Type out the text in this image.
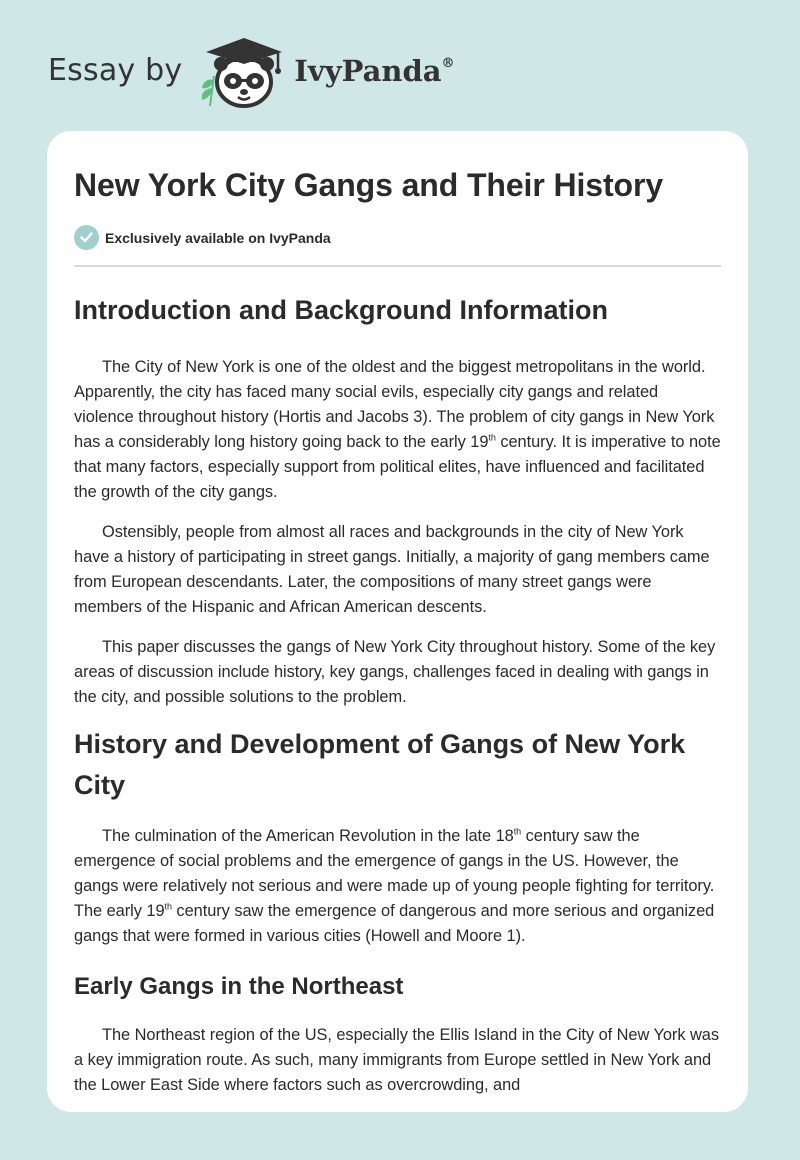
Essay by	IvyPanda®
New York City Gangs and Their History
Exclusively available on IvyPanda
Introduction and Background Information

The City of New York is one of the oldest and the biggest metropolitans in the world. Apparently, the city has faced many social evils, especially city gangs and related violence throughout history (Hortis and Jacobs 3). The problem of city gangs in New York has a considerably long history going back to the early 19th century. It is imperative to note that many factors, especially support from political elites, have influenced and facilitated the growth of the city gangs.

Ostensibly, people from almost all races and backgrounds in the city of New York have a history of participating in street gangs. Initially, a majority of gang members came from European descendants. Later, the compositions of many street gangs were members of the Hispanic and African American descents.

This paper discusses the gangs of New York City throughout history. Some of the key areas of discussion include history, key gangs, challenges faced in dealing with gangs in the city, and possible solutions to the problem.

History and Development of Gangs of New York City

The culmination of the American Revolution in the late 18th century saw the emergence of social problems and the emergence of gangs in the US. However, the gangs were relatively not serious and were made up of young people fighting for territory. The early 19th century saw the emergence of dangerous and more serious and organized gangs that were formed in various cities (Howell and Moore 1).

Early Gangs in the Northeast

The Northeast region of the US, especially the Ellis Island in the City of New York was a key immigration route. As such, many immigrants from Europe settled in New York and the Lower East Side where factors such as overcrowding, and
